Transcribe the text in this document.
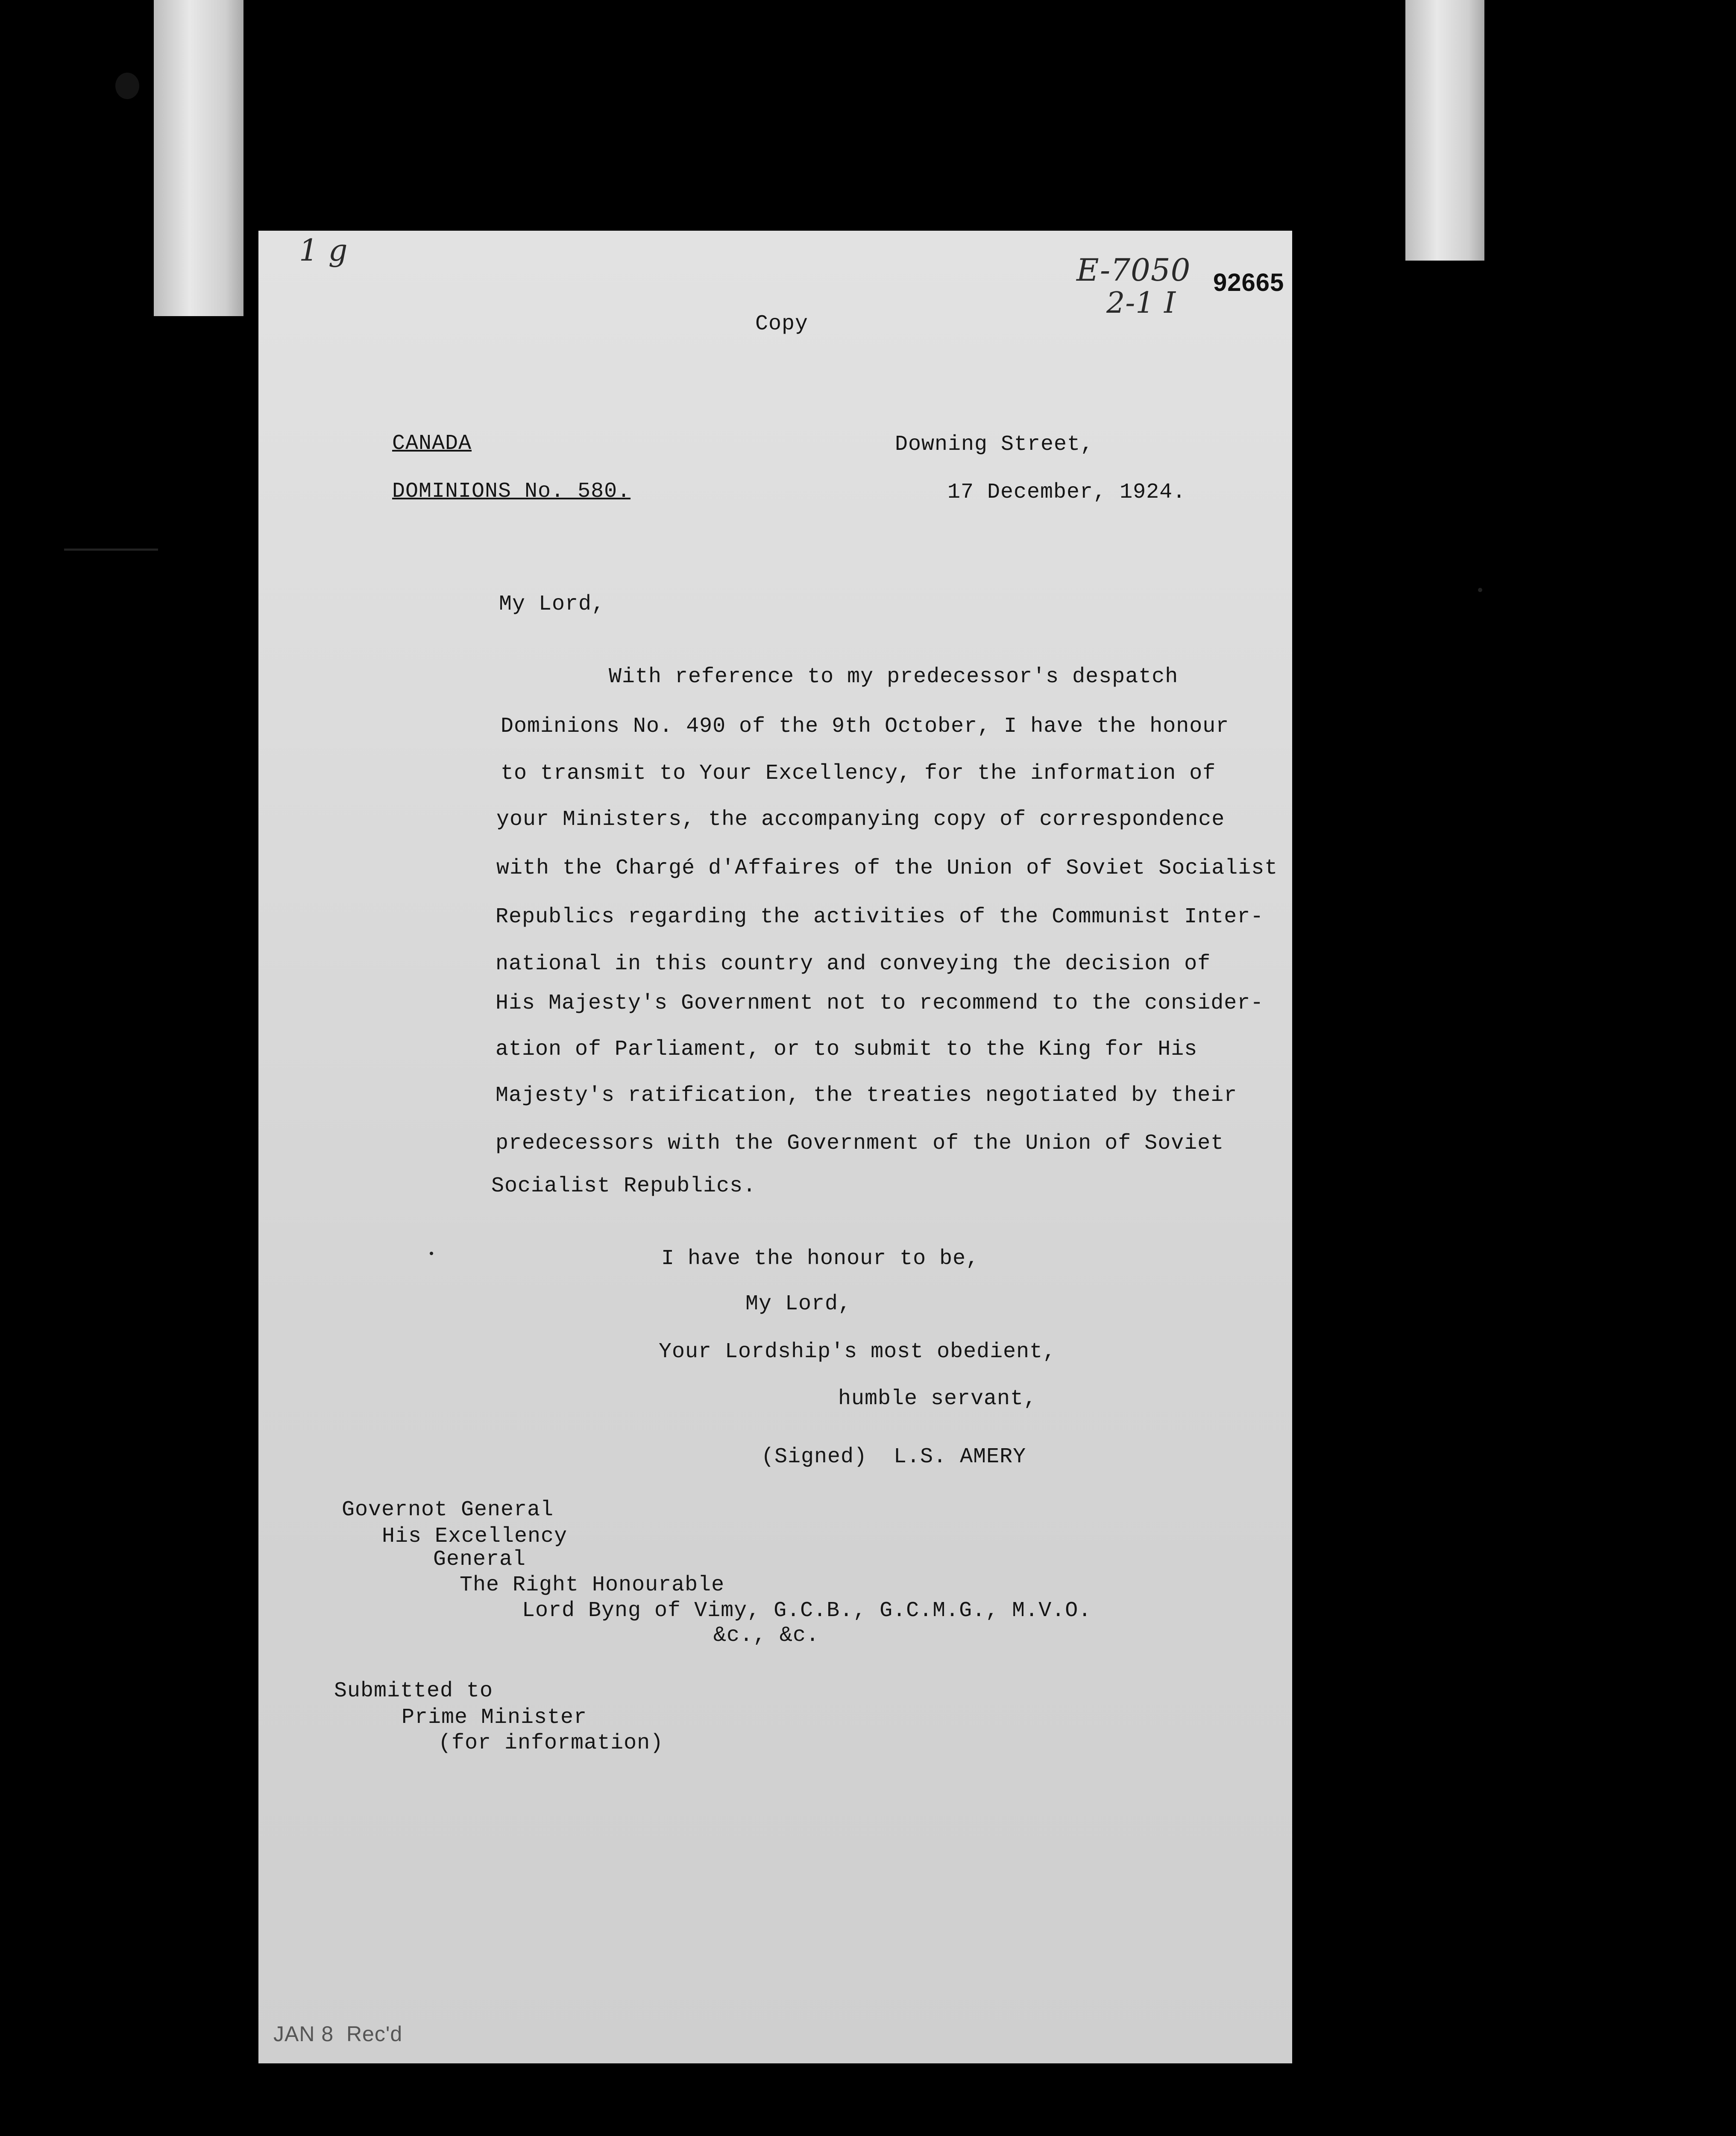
1 g
E-7050
2-1 I
92665
Copy
CANADA
DOMINIONS No. 580.
Downing Street,
17 December, 1924.
My Lord,
With reference to my predecessor's despatch
Dominions No. 490 of the 9th October, I have the honour
to transmit to Your Excellency, for the information of
your Ministers, the accompanying copy of correspondence
with the Chargé d'Affaires of the Union of Soviet Socialist
Republics regarding the activities of the Communist Inter-
national in this country and conveying the decision of
His Majesty's Government not to recommend to the consider-
ation of Parliament, or to submit to the King for His
Majesty's ratification, the treaties negotiated by their
predecessors with the Government of the Union of Soviet
Socialist Republics.
I have the honour to be,
My Lord,
Your Lordship's most obedient,
humble servant,
(Signed)  L.S. AMERY
Governot General
His Excellency
General
The Right Honourable
Lord Byng of Vimy, G.C.B., G.C.M.G., M.V.O.
&c., &c.
Submitted to
Prime Minister
(for information)
JAN 8  Rec'd
